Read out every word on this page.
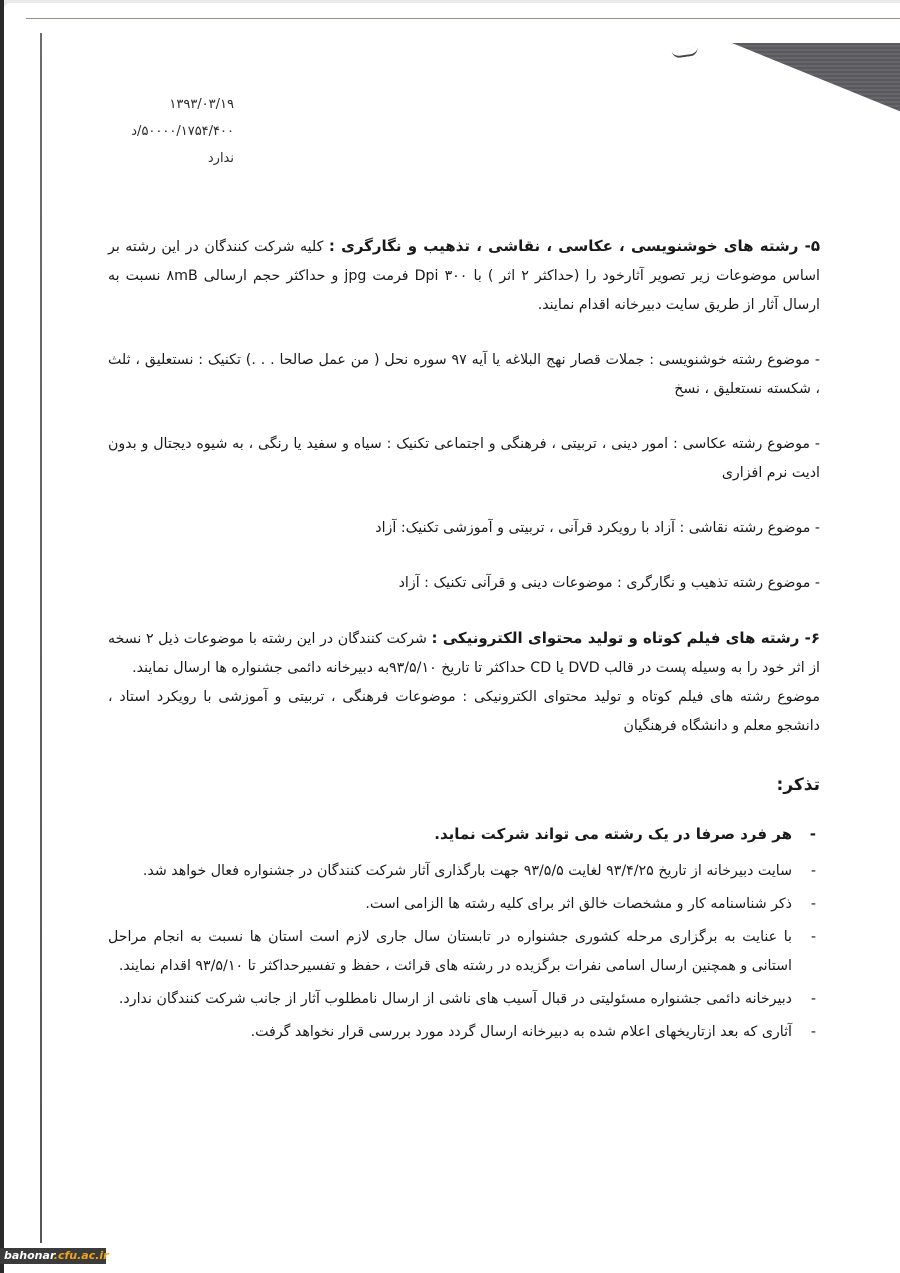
۱۳۹۳/۰۳/۱۹
۵۰۰۰۰/۱۷۵۴/۴۰۰/د
ندارد

۵- رشته های خوشنویسی ، عکاسی ، نقاشی ، تذهیب و نگارگری : کلیه شرکت کنندگان در این رشته بر اساس موضوعات زیر تصویر آثارخود را (حداکثر ۲ اثر ) با ۳۰۰ Dpi فرمت jpg و حداکثر حجم ارسالی ۸mB نسبت به ارسال آثار از طریق سایت دبیرخانه اقدام نمایند.

- موضوع رشته خوشنویسی : جملات قصار نهج البلاغه یا آیه ۹۷ سوره نحل ( من عمل صالحا . . .) تکنیک : نستعلیق ، ثلث ، شکسته نستعلیق ، نسخ

- موضوع رشته عکاسی : امور دینی ، تربیتی ، فرهنگی و اجتماعی تکنیک : سیاه و سفید یا رنگی ، به شیوه دیجتال و بدون ادیت نرم افزاری

- موضوع رشته نقاشی : آزاد با رویکرد قرآنی ، تربیتی و آموزشی تکنیک: آزاد

- موضوع رشته تذهیب و نگارگری : موضوعات دینی و قرآنی تکنیک : آزاد

۶- رشته های فیلم کوتاه و تولید محتوای الکترونیکی : شرکت کنندگان در این رشته با موضوعات ذیل ۲ نسخه از اثر خود را به وسیله پست در قالب DVD یا CD حداکثر تا تاریخ ۹۳/۵/۱۰به دبیرخانه دائمی جشنواره ها ارسال نمایند.

موضوع رشته های فیلم کوتاه و تولید محتوای الکترونیکی : موضوعات فرهنگی ، تربیتی و آموزشی با رویکرد استاد ، دانشجو معلم و دانشگاه فرهنگیان

تذکر:

- هر فرد صرفا در یک رشته می تواند شرکت نماید.
- سایت دبیرخانه از تاریخ ۹۳/۴/۲۵ لغایت ۹۳/۵/۵ جهت بارگذاری آثار شرکت کنندگان در جشنواره فعال خواهد شد.
- ذکر شناسنامه کار و مشخصات خالق اثر برای کلیه رشته ها الزامی است.
- با عنایت به برگزاری مرحله کشوری جشنواره در تابستان سال جاری لازم است استان ها نسبت به انجام مراحل استانی و همچنین ارسال اسامی نفرات برگزیده در رشته های قرائت ، حفظ و تفسیرحداکثر تا ۹۳/۵/۱۰ اقدام نمایند.
- دبیرخانه دائمی جشنواره مسئولیتی در قبال آسیب های ناشی از ارسال نامطلوب آثار از جانب شرکت کنندگان ندارد.
- آثاری که بعد ازتاریخهای اعلام شده به دبیرخانه ارسال گردد مورد بررسی قرار نخواهد گرفت.
bahonar.cfu.ac.ir
